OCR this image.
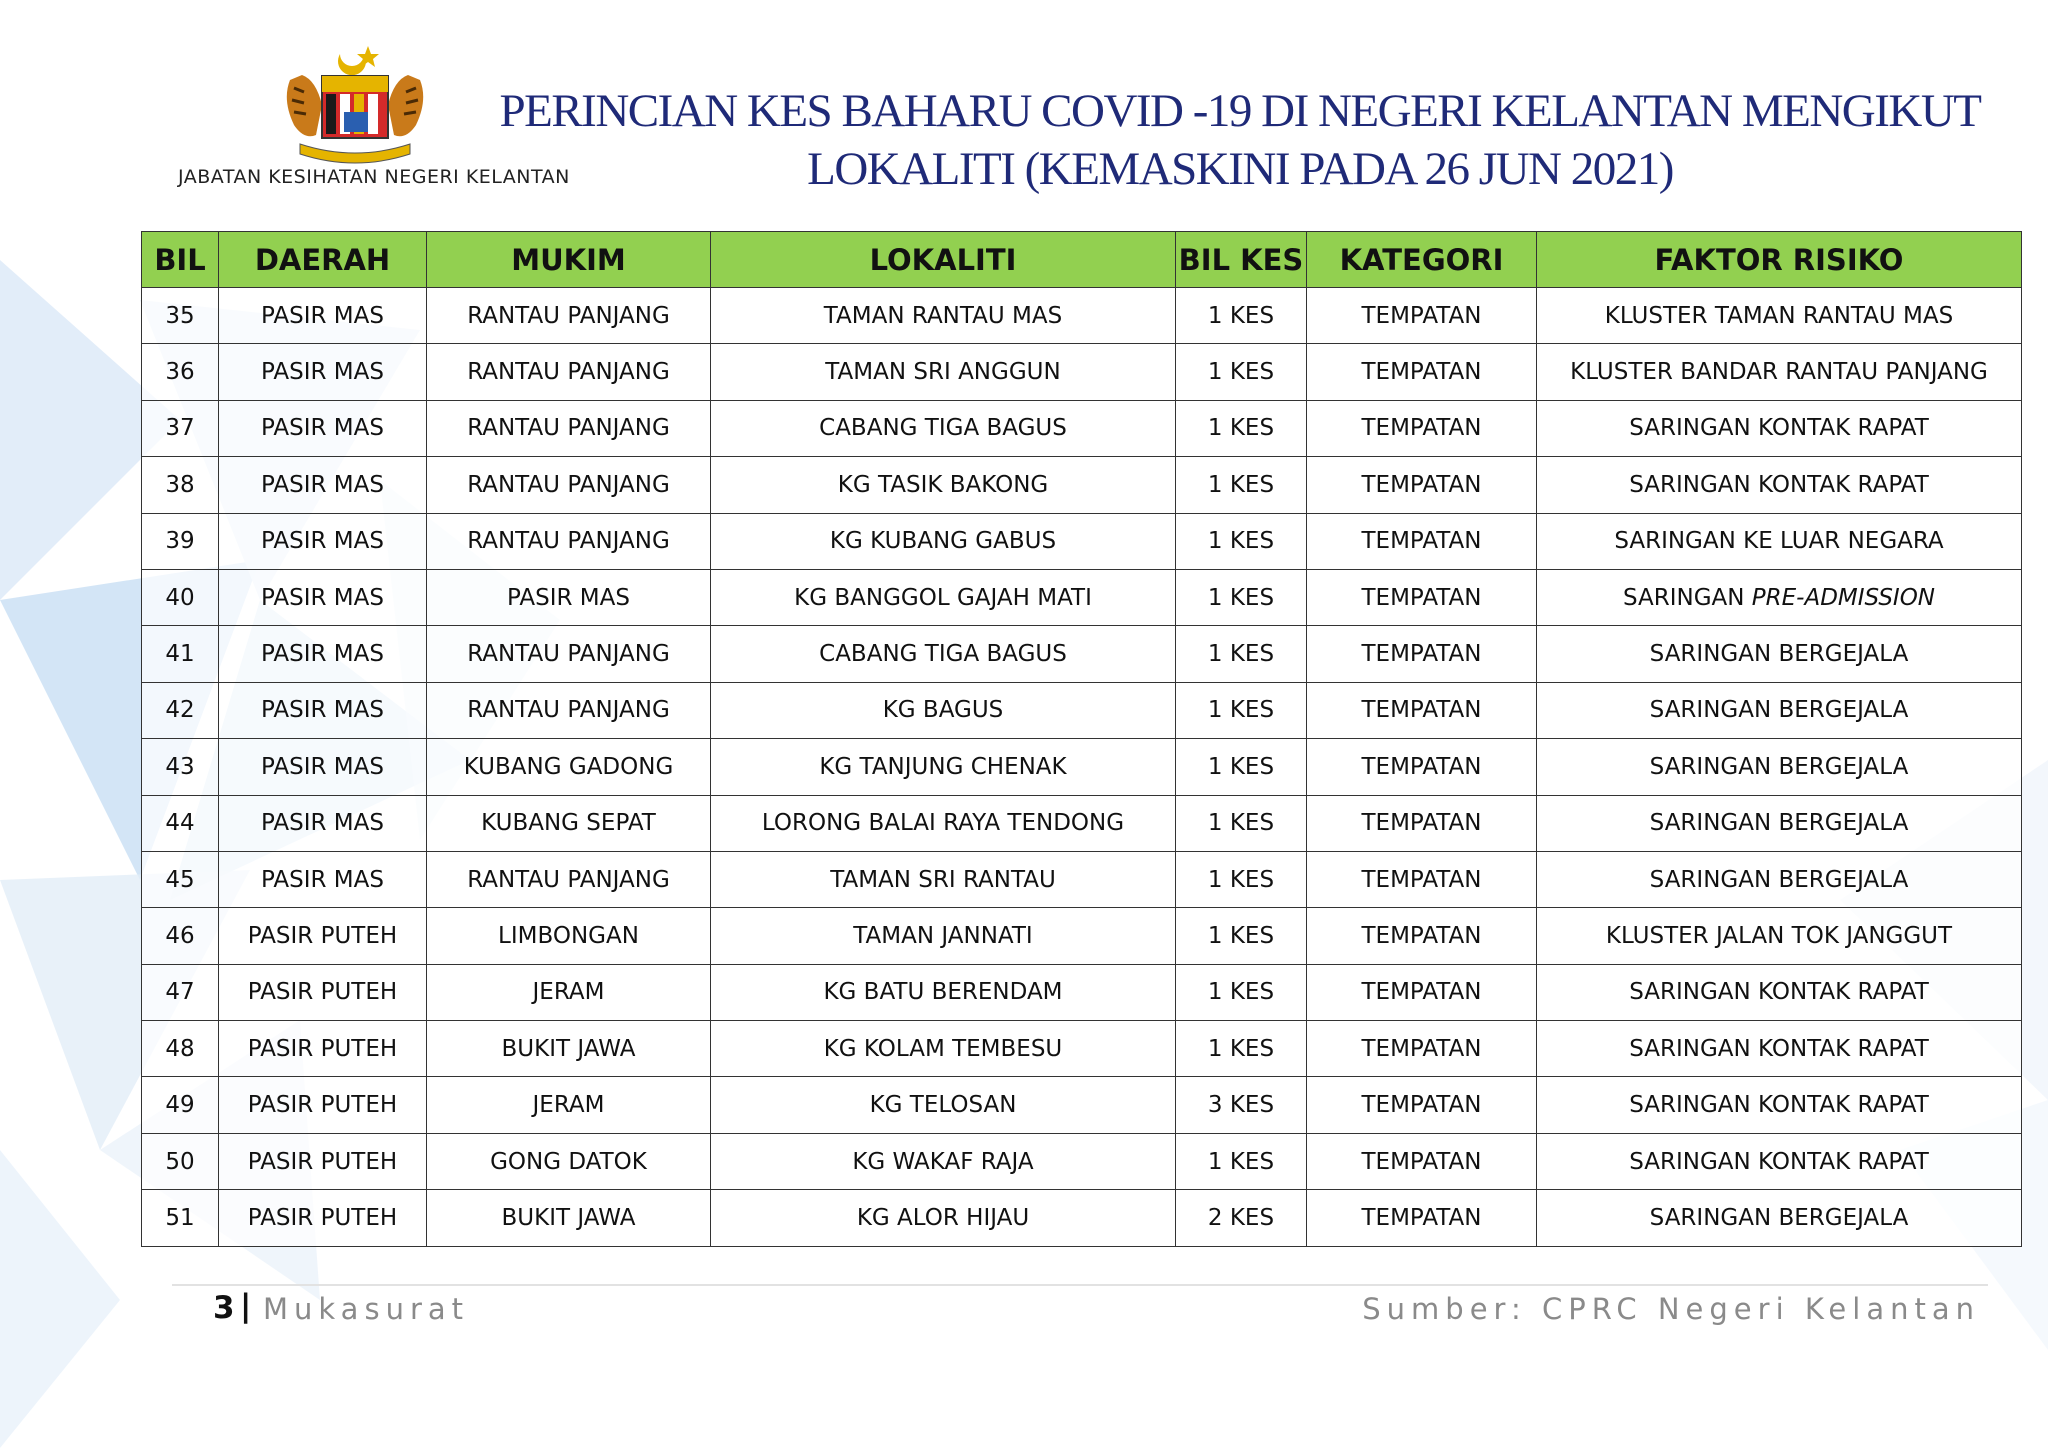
JABATAN KESIHATAN NEGERI KELANTAN
PERINCIAN KES BAHARU COVID -19 DI NEGERI KELANTAN MENGIKUT
LOKALITI (KEMASKINI PADA 26 JUN 2021)
BIL	DAERAH	MUKIM	LOKALITI	BIL KES	KATEGORI	FAKTOR RISIKO
35	PASIR MAS	RANTAU PANJANG	TAMAN RANTAU MAS	1 KES	TEMPATAN	KLUSTER TAMAN RANTAU MAS
36	PASIR MAS	RANTAU PANJANG	TAMAN SRI ANGGUN	1 KES	TEMPATAN	KLUSTER BANDAR RANTAU PANJANG
37	PASIR MAS	RANTAU PANJANG	CABANG TIGA BAGUS	1 KES	TEMPATAN	SARINGAN KONTAK RAPAT
38	PASIR MAS	RANTAU PANJANG	KG TASIK BAKONG	1 KES	TEMPATAN	SARINGAN KONTAK RAPAT
39	PASIR MAS	RANTAU PANJANG	KG KUBANG GABUS	1 KES	TEMPATAN	SARINGAN KE LUAR NEGARA
40	PASIR MAS	PASIR MAS	KG BANGGOL GAJAH MATI	1 KES	TEMPATAN	SARINGAN PRE-ADMISSION
41	PASIR MAS	RANTAU PANJANG	CABANG TIGA BAGUS	1 KES	TEMPATAN	SARINGAN BERGEJALA
42	PASIR MAS	RANTAU PANJANG	KG BAGUS	1 KES	TEMPATAN	SARINGAN BERGEJALA
43	PASIR MAS	KUBANG GADONG	KG TANJUNG CHENAK	1 KES	TEMPATAN	SARINGAN BERGEJALA
44	PASIR MAS	KUBANG SEPAT	LORONG BALAI RAYA TENDONG	1 KES	TEMPATAN	SARINGAN BERGEJALA
45	PASIR MAS	RANTAU PANJANG	TAMAN SRI RANTAU	1 KES	TEMPATAN	SARINGAN BERGEJALA
46	PASIR PUTEH	LIMBONGAN	TAMAN JANNATI	1 KES	TEMPATAN	KLUSTER JALAN TOK JANGGUT
47	PASIR PUTEH	JERAM	KG BATU BERENDAM	1 KES	TEMPATAN	SARINGAN KONTAK RAPAT
48	PASIR PUTEH	BUKIT JAWA	KG KOLAM TEMBESU	1 KES	TEMPATAN	SARINGAN KONTAK RAPAT
49	PASIR PUTEH	JERAM	KG TELOSAN	3 KES	TEMPATAN	SARINGAN KONTAK RAPAT
50	PASIR PUTEH	GONG DATOK	KG WAKAF RAJA	1 KES	TEMPATAN	SARINGAN KONTAK RAPAT
51	PASIR PUTEH	BUKIT JAWA	KG ALOR HIJAU	2 KES	TEMPATAN	SARINGAN BERGEJALA
3 | Mukasurat	Sumber: CPRC Negeri Kelantan
